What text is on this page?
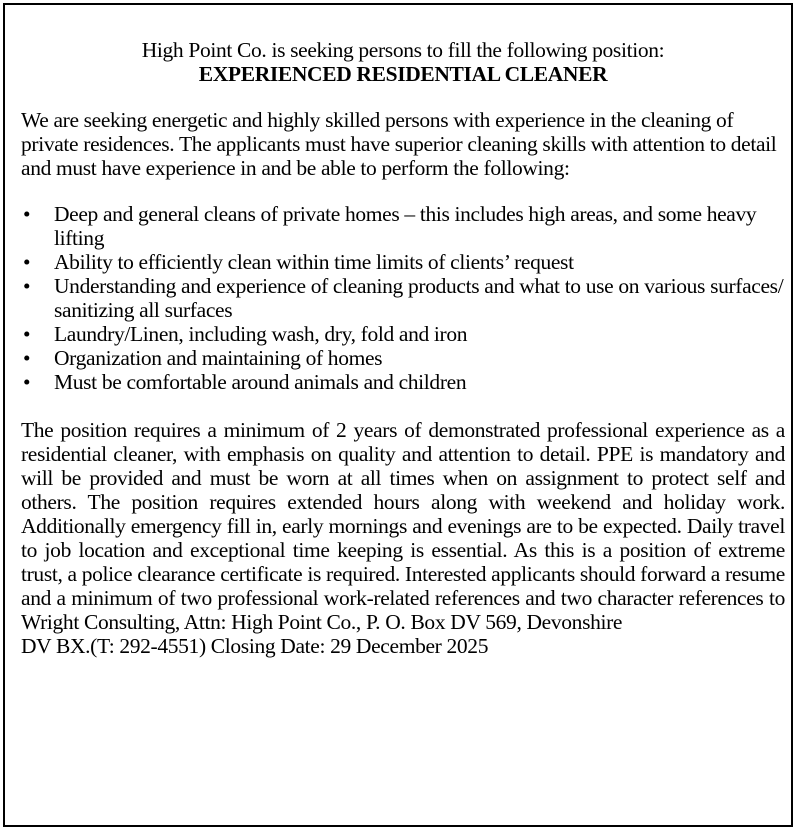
High Point Co. is seeking persons to fill the following position:
EXPERIENCED RESIDENTIAL CLEANER

We are seeking energetic and highly skilled persons with experience in the cleaning of private residences. The applicants must have superior cleaning skills with attention to detail and must have experience in and be able to perform the following:

• Deep and general cleans of private homes – this includes high areas, and some heavy lifting
• Ability to efficiently clean within time limits of clients’ request
• Understanding and experience of cleaning products and what to use on various surfaces/ sanitizing all surfaces
• Laundry/Linen, including wash, dry, fold and iron
• Organization and maintaining of homes
• Must be comfortable around animals and children

The position requires a minimum of 2 years of demonstrated professional experience as a residential cleaner, with emphasis on quality and attention to detail. PPE is mandatory and will be provided and must be worn at all times when on assignment to protect self and others. The position requires extended hours along with weekend and holiday work. Additionally emergency fill in, early mornings and evenings are to be expected. Daily travel to job location and exceptional time keeping is essential. As this is a position of extreme trust, a police clearance certificate is required. Interested applicants should forward a resume and a minimum of two professional work-related references and two character references to Wright Consulting, Attn: High Point Co., P. O. Box DV 569, Devonshire
DV BX.(T: 292-4551) Closing Date: 29 December 2025
